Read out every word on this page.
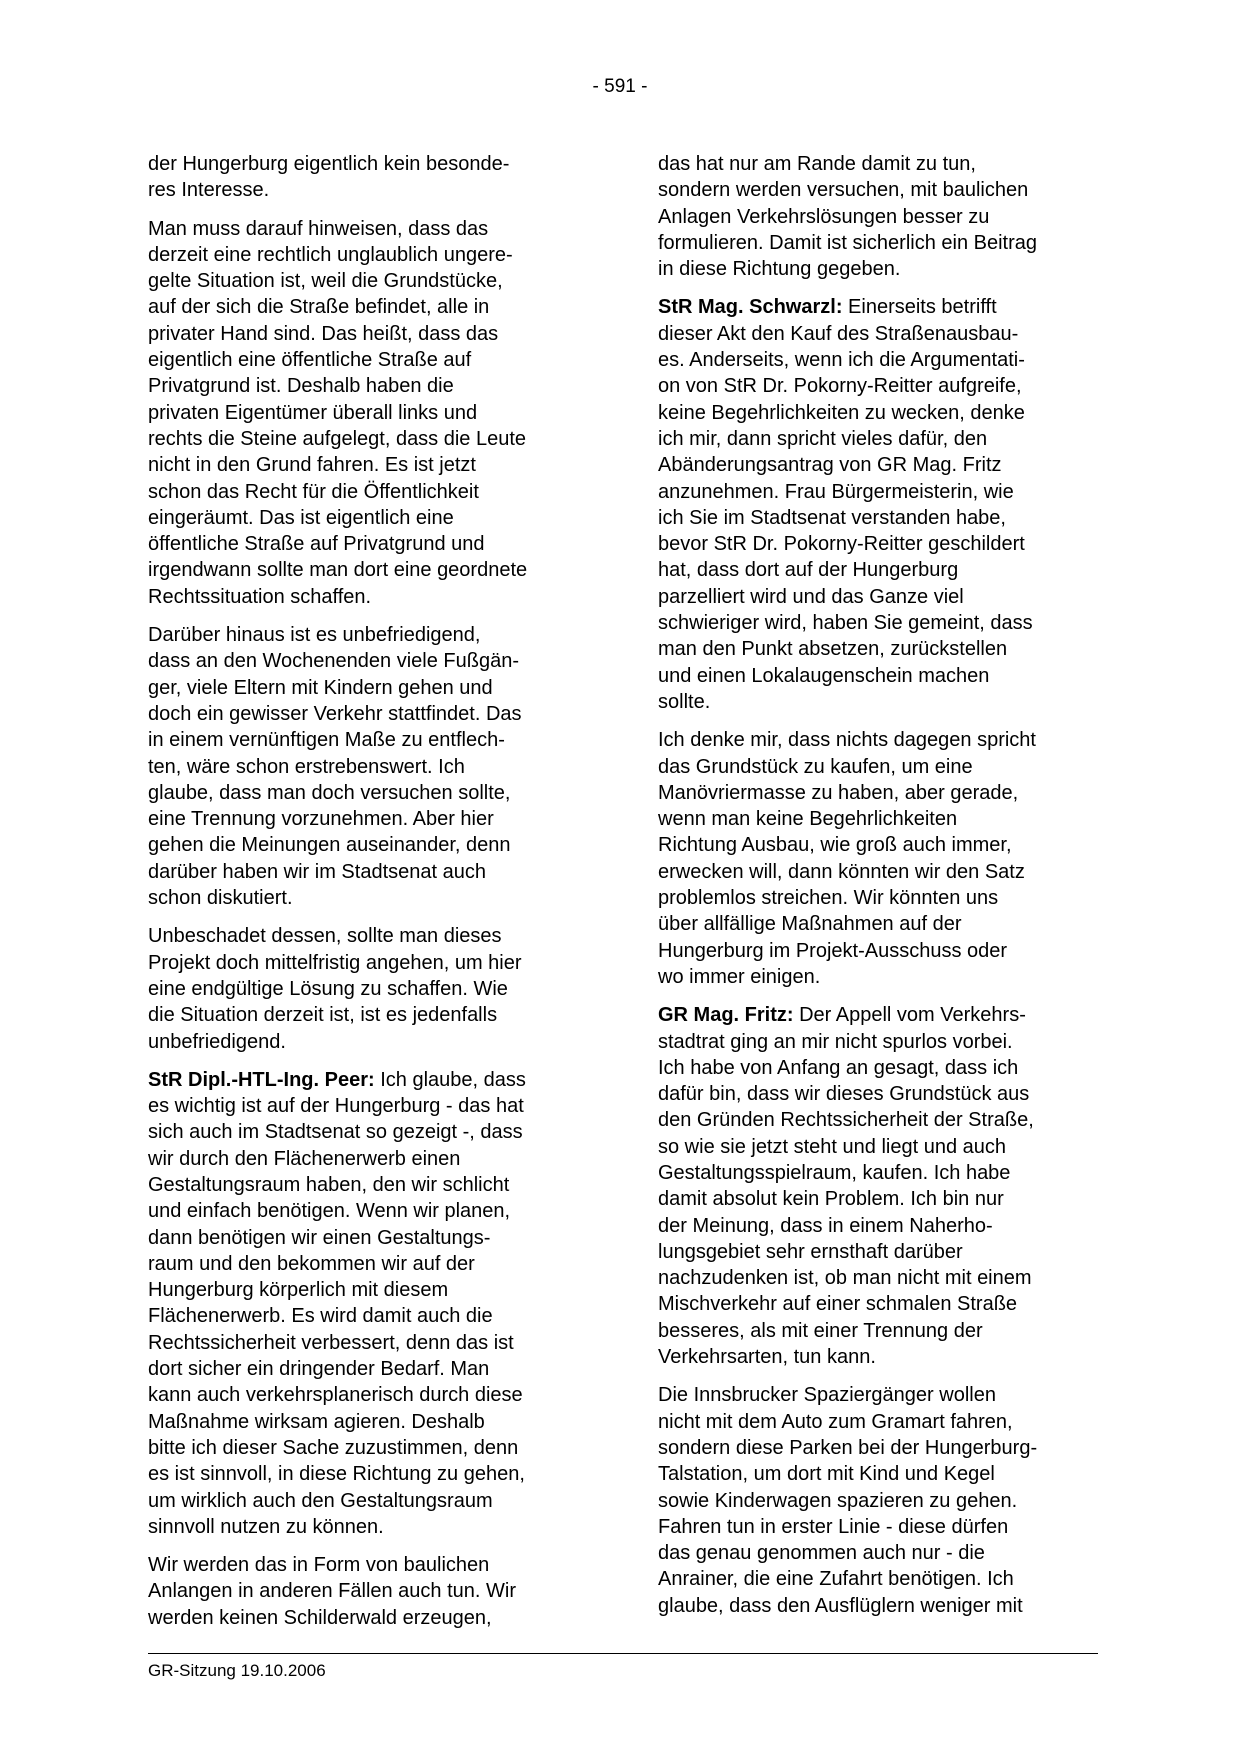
- 591 -
der Hungerburg eigentlich kein besonde-
res Interesse.
Man muss darauf hinweisen, dass das
derzeit eine rechtlich unglaublich ungere-
gelte Situation ist, weil die Grundstücke,
auf der sich die Straße befindet, alle in
privater Hand sind. Das heißt, dass das
eigentlich eine öffentliche Straße auf
Privatgrund ist. Deshalb haben die
privaten Eigentümer überall links und
rechts die Steine aufgelegt, dass die Leute
nicht in den Grund fahren. Es ist jetzt
schon das Recht für die Öffentlichkeit
eingeräumt. Das ist eigentlich eine
öffentliche Straße auf Privatgrund und
irgendwann sollte man dort eine geordnete
Rechtssituation schaffen.
Darüber hinaus ist es unbefriedigend,
dass an den Wochenenden viele Fußgän-
ger, viele Eltern mit Kindern gehen und
doch ein gewisser Verkehr stattfindet. Das
in einem vernünftigen Maße zu entflech-
ten, wäre schon erstrebenswert. Ich
glaube, dass man doch versuchen sollte,
eine Trennung vorzunehmen. Aber hier
gehen die Meinungen auseinander, denn
darüber haben wir im Stadtsenat auch
schon diskutiert.
Unbeschadet dessen, sollte man dieses
Projekt doch mittelfristig angehen, um hier
eine endgültige Lösung zu schaffen. Wie
die Situation derzeit ist, ist es jedenfalls
unbefriedigend.
StR Dipl.-HTL-Ing. Peer: Ich glaube, dass
es wichtig ist auf der Hungerburg - das hat
sich auch im Stadtsenat so gezeigt -, dass
wir durch den Flächenerwerb einen
Gestaltungsraum haben, den wir schlicht
und einfach benötigen. Wenn wir planen,
dann benötigen wir einen Gestaltungs-
raum und den bekommen wir auf der
Hungerburg körperlich mit diesem
Flächenerwerb. Es wird damit auch die
Rechtssicherheit verbessert, denn das ist
dort sicher ein dringender Bedarf. Man
kann auch verkehrsplanerisch durch diese
Maßnahme wirksam agieren. Deshalb
bitte ich dieser Sache zuzustimmen, denn
es ist sinnvoll, in diese Richtung zu gehen,
um wirklich auch den Gestaltungsraum
sinnvoll nutzen zu können.
Wir werden das in Form von baulichen
Anlangen in anderen Fällen auch tun. Wir
werden keinen Schilderwald erzeugen,
das hat nur am Rande damit zu tun,
sondern werden versuchen, mit baulichen
Anlagen Verkehrslösungen besser zu
formulieren. Damit ist sicherlich ein Beitrag
in diese Richtung gegeben.
StR Mag. Schwarzl: Einerseits betrifft
dieser Akt den Kauf des Straßenausbau-
es. Anderseits, wenn ich die Argumentati-
on von StR Dr. Pokorny-Reitter aufgreife,
keine Begehrlichkeiten zu wecken, denke
ich mir, dann spricht vieles dafür, den
Abänderungsantrag von GR Mag. Fritz
anzunehmen. Frau Bürgermeisterin, wie
ich Sie im Stadtsenat verstanden habe,
bevor StR Dr. Pokorny-Reitter geschildert
hat, dass dort auf der Hungerburg
parzelliert wird und das Ganze viel
schwieriger wird, haben Sie gemeint, dass
man den Punkt absetzen, zurückstellen
und einen Lokalaugenschein machen
sollte.
Ich denke mir, dass nichts dagegen spricht
das Grundstück zu kaufen, um eine
Manövriermasse zu haben, aber gerade,
wenn man keine Begehrlichkeiten
Richtung Ausbau, wie groß auch immer,
erwecken will, dann könnten wir den Satz
problemlos streichen. Wir könnten uns
über allfällige Maßnahmen auf der
Hungerburg im Projekt-Ausschuss oder
wo immer einigen.
GR Mag. Fritz: Der Appell vom Verkehrs-
stadtrat ging an mir nicht spurlos vorbei.
Ich habe von Anfang an gesagt, dass ich
dafür bin, dass wir dieses Grundstück aus
den Gründen Rechtssicherheit der Straße,
so wie sie jetzt steht und liegt und auch
Gestaltungsspielraum, kaufen. Ich habe
damit absolut kein Problem. Ich bin nur
der Meinung, dass in einem Naherho-
lungsgebiet sehr ernsthaft darüber
nachzudenken ist, ob man nicht mit einem
Mischverkehr auf einer schmalen Straße
besseres, als mit einer Trennung der
Verkehrsarten, tun kann.
Die Innsbrucker Spaziergänger wollen
nicht mit dem Auto zum Gramart fahren,
sondern diese Parken bei der Hungerburg-
Talstation, um dort mit Kind und Kegel
sowie Kinderwagen spazieren zu gehen.
Fahren tun in erster Linie - diese dürfen
das genau genommen auch nur - die
Anrainer, die eine Zufahrt benötigen. Ich
glaube, dass den Ausflüglern weniger mit
GR-Sitzung 19.10.2006
